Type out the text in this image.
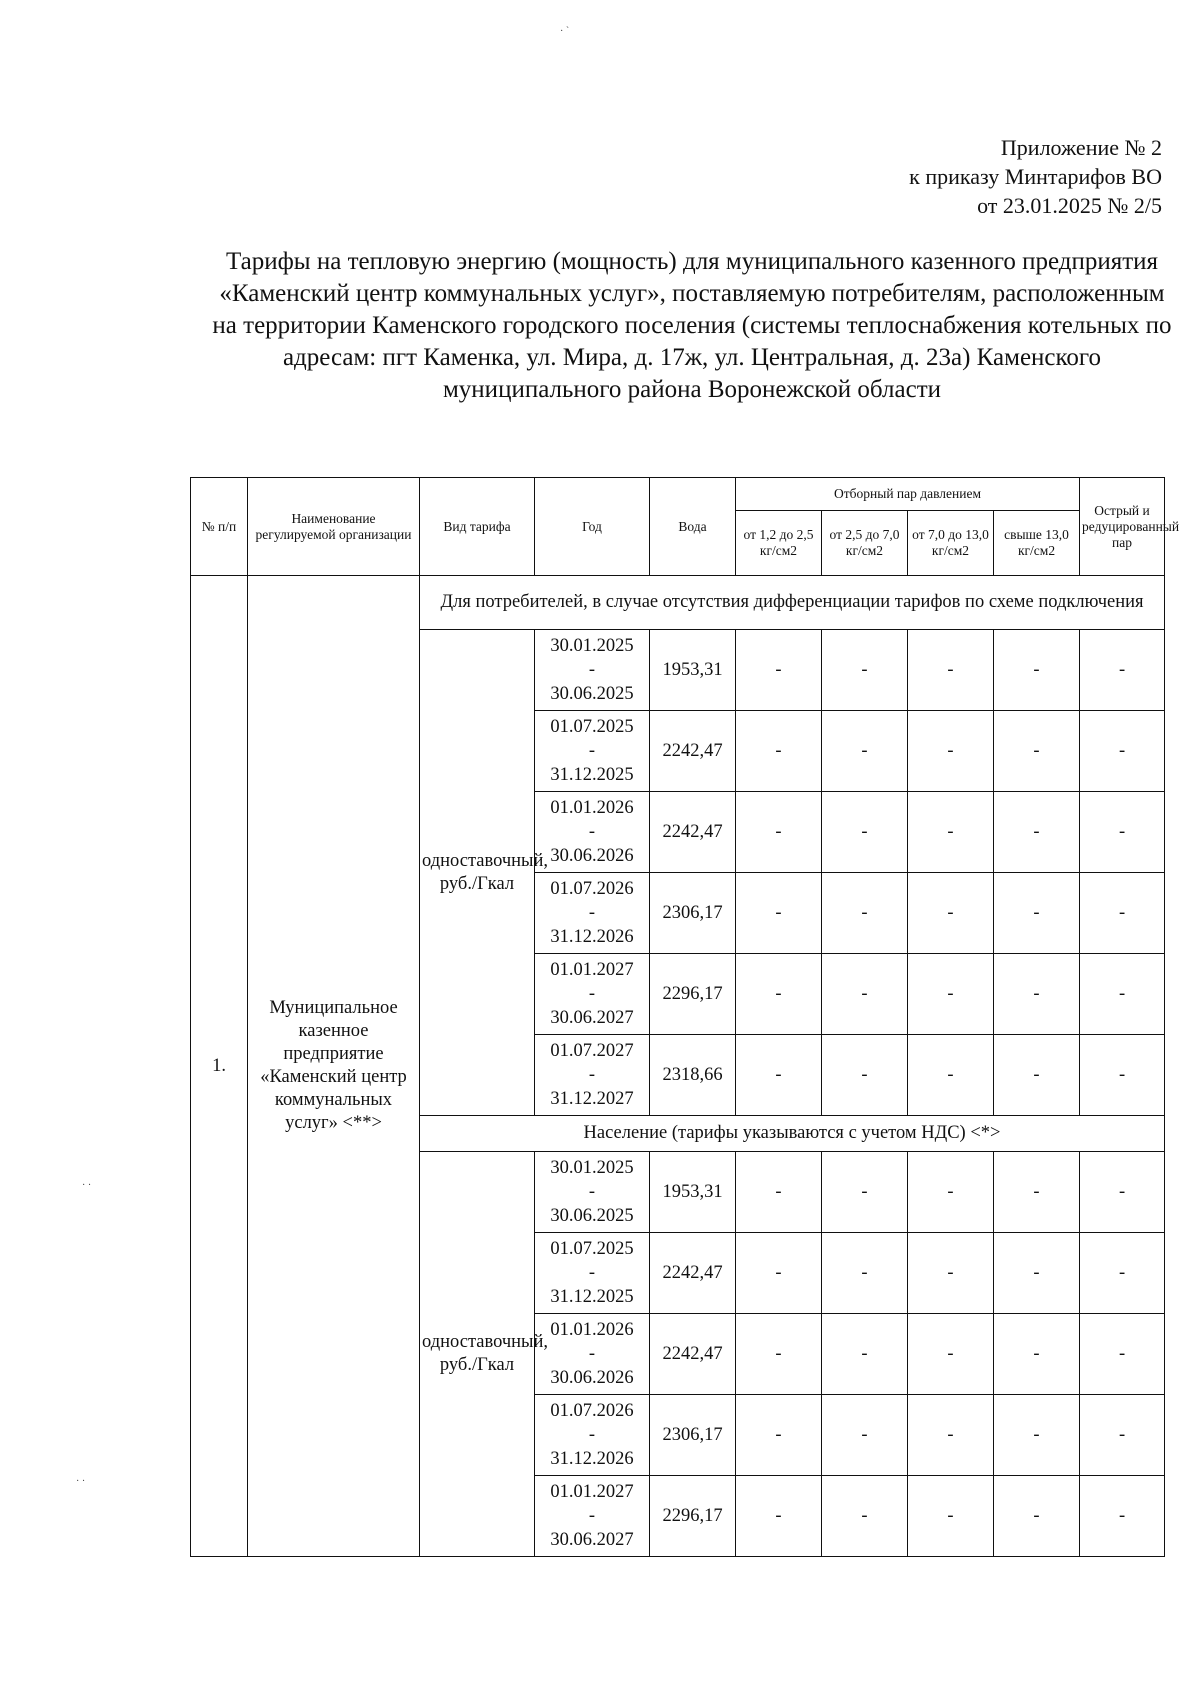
· ˋ
· ·
· ·
Приложение № 2
к приказу Минтарифов ВО
от 23.01.2025 № 2/5
Тарифы на тепловую энергию (мощность) для муниципального казенного предприятия «Каменский центр коммунальных услуг», поставляемую потребителям, расположенным на территории Каменского городского поселения (системы теплоснабжения котельных по адресам: пгт Каменка, ул. Мира, д. 17ж, ул. Центральная, д. 23а) Каменского муниципального района Воронежской области
№ п/п	Наименование регулируемой организации	Вид тарифа	Год	Вода	Отборный пар давлением				Острый и редуцированный пар
					от 1,2 до 2,5 кг/см2	от 2,5 до 7,0 кг/см2	от 7,0 до 13,0 кг/см2	свыше 13,0 кг/см2	
1.	Муниципальное казенное предприятие «Каменский центр коммунальных услуг» <**>	Для потребителей, в случае отсутствия дифференциации тарифов по схеме подключения							
		одноставочный, руб./Гкал	30.01.2025
-
30.06.2025	1953,31	-	-	-	-	-

			01.07.2025
-
31.12.2025	2242,47	-	-	-	-	-

			01.01.2026
-
30.06.2026	2242,47	-	-	-	-	-

			01.07.2026
-
31.12.2026	2306,17	-	-	-	-	-

			01.01.2027
-
30.06.2027	2296,17	-	-	-	-	-

			01.07.2027
-
31.12.2027	2318,66	-	-	-	-	-
		Население (тарифы указываются с учетом НДС) <*>							
		одноставочный, руб./Гкал	30.01.2025
-
30.06.2025	1953,31	-	-	-	-	-

			01.07.2025
-
31.12.2025	2242,47	-	-	-	-	-

			01.01.2026
-
30.06.2026	2242,47	-	-	-	-	-

			01.07.2026
-
31.12.2026	2306,17	-	-	-	-	-

			01.01.2027
-
30.06.2027	2296,17	-	-	-	-	-
